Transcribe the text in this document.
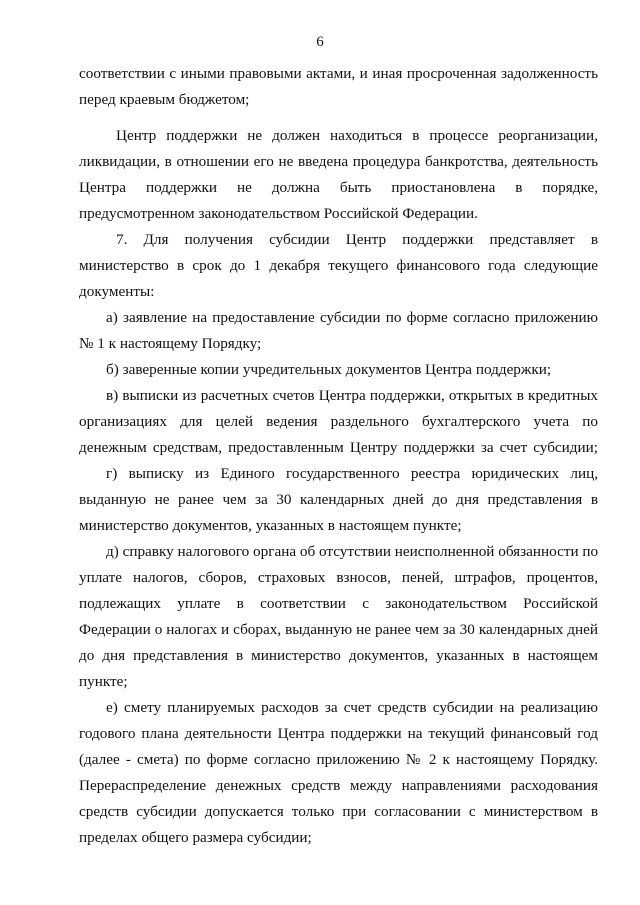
6
соответствии с иными правовыми актами, и иная просроченная задолженность
перед краевым бюджетом;
Центр поддержки не должен находиться в процессе реорганизации,
ликвидации, в отношении его не введена процедура банкротства, деятельность
Центра поддержки не должна быть приостановлена в порядке,
предусмотренном законодательством Российской Федерации.
7. Для получения субсидии Центр поддержки представляет в
министерство в срок до 1 декабря текущего финансового года следующие
документы:
а) заявление на предоставление субсидии по форме согласно приложению
№ 1 к настоящему Порядку;
б) заверенные копии учредительных документов Центра поддержки;
в) выписки из расчетных счетов Центра поддержки, открытых в кредитных
организациях для целей ведения раздельного бухгалтерского учета по
денежным средствам, предоставленным Центру поддержки за счет субсидии;
г) выписку из Единого государственного реестра юридических лиц,
выданную не ранее чем за 30 календарных дней до дня представления в
министерство документов, указанных в настоящем пункте;
д) справку налогового органа об отсутствии неисполненной обязанности по
уплате налогов, сборов, страховых взносов, пеней, штрафов, процентов,
подлежащих уплате в соответствии с законодательством Российской
Федерации о налогах и сборах, выданную не ранее чем за 30 календарных дней
до дня представления в министерство документов, указанных в настоящем
пункте;
е) смету планируемых расходов за счет средств субсидии на реализацию
годового плана деятельности Центра поддержки на текущий финансовый год
(далее - смета) по форме согласно приложению № 2 к настоящему Порядку.
Перераспределение денежных средств между направлениями расходования
средств субсидии допускается только при согласовании с министерством в
пределах общего размера субсидии;
